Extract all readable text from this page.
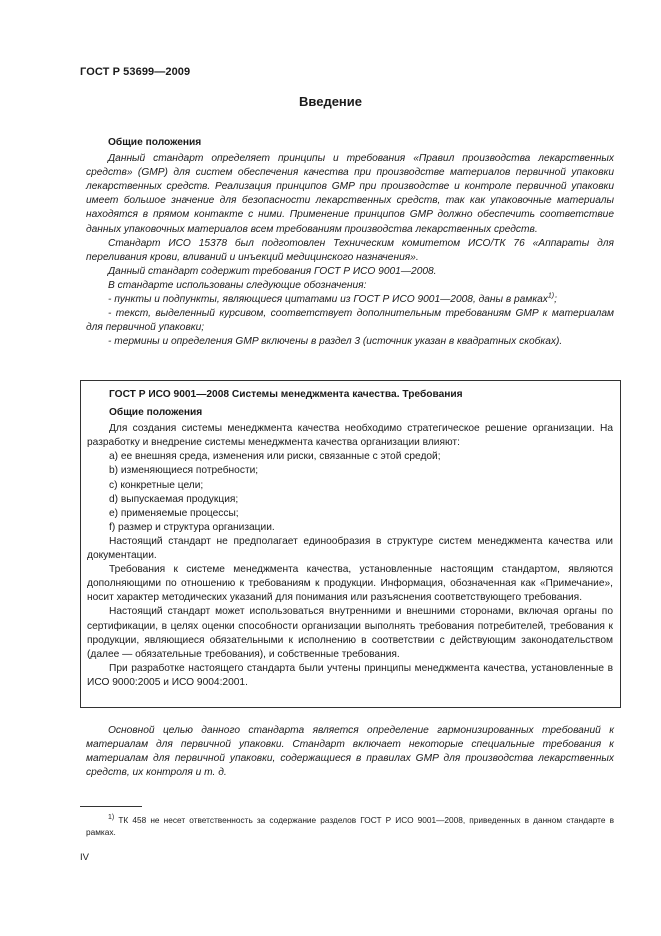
ГОСТ Р 53699—2009
Введение

Общие положения

Данный стандарт определяет принципы и требования «Правил производства лекарственных средств» (GMP) для систем обеспечения качества при производстве материалов первичной упаковки лекарственных средств. Реализация принципов GMP при производстве и контроле первичной упаковки имеет большое значение для безопасности лекарственных средств, так как упаковочные материалы находятся в прямом контакте с ними. Применение принципов GMP должно обеспечить соответствие данных упаковочных материалов всем требованиям производства лекарственных средств.

Стандарт ИСО 15378 был подготовлен Техническим комитетом ИСО/ТК 76 «Аппараты для переливания крови, вливаний и инъекций медицинского назначения».

Данный стандарт содержит требования ГОСТ Р ИСО 9001—2008.

В стандарте использованы следующие обозначения:

- пункты и подпункты, являющиеся цитатами из ГОСТ Р ИСО 9001—2008, даны в рамках$^{1)}$;

- текст, выделенный курсивом, соответствует дополнительным требованиям GMP к материалам для первичной упаковки;

- термины и определения GMP включены в раздел 3 (источник указан в квадратных скобках).

ГОСТ Р ИСО 9001—2008 Системы менеджмента качества. Требования

Общие положения

Для создания системы менеджмента качества необходимо стратегическое решение организации. На разработку и внедрение системы менеджмента качества организации влияют:

a) ее внешняя среда, изменения или риски, связанные с этой средой;

b) изменяющиеся потребности;

c) конкретные цели;

d) выпускаемая продукция;

e) применяемые процессы;

f) размер и структура организации.

Настоящий стандарт не предполагает единообразия в структуре систем менеджмента качества или документации.

Требования к системе менеджмента качества, установленные настоящим стандартом, являются дополняющими по отношению к требованиям к продукции. Информация, обозначенная как «Примечание», носит характер методических указаний для понимания или разъяснения соответствующего требования.

Настоящий стандарт может использоваться внутренними и внешними сторонами, включая органы по сертификации, в целях оценки способности организации выполнять требования потребителей, требования к продукции, являющиеся обязательными к исполнению в соответствии с действующим законодательством (далее — обязательные требования), и собственные требования.

При разработке настоящего стандарта были учтены принципы менеджмента качества, установленные в ИСО 9000:2005 и ИСО 9004:2001.

Основной целью данного стандарта является определение гармонизированных требований к материалам для первичной упаковки. Стандарт включает некоторые специальные требования к материалам для первичной упаковки, содержащиеся в правилах GMP для производства лекарственных средств, их контроля и т. д.

$^{1)}$ ТК 458 не несет ответственность за содержание разделов ГОСТ Р ИСО 9001—2008, приведенных в данном стандарте в рамках.
IV
